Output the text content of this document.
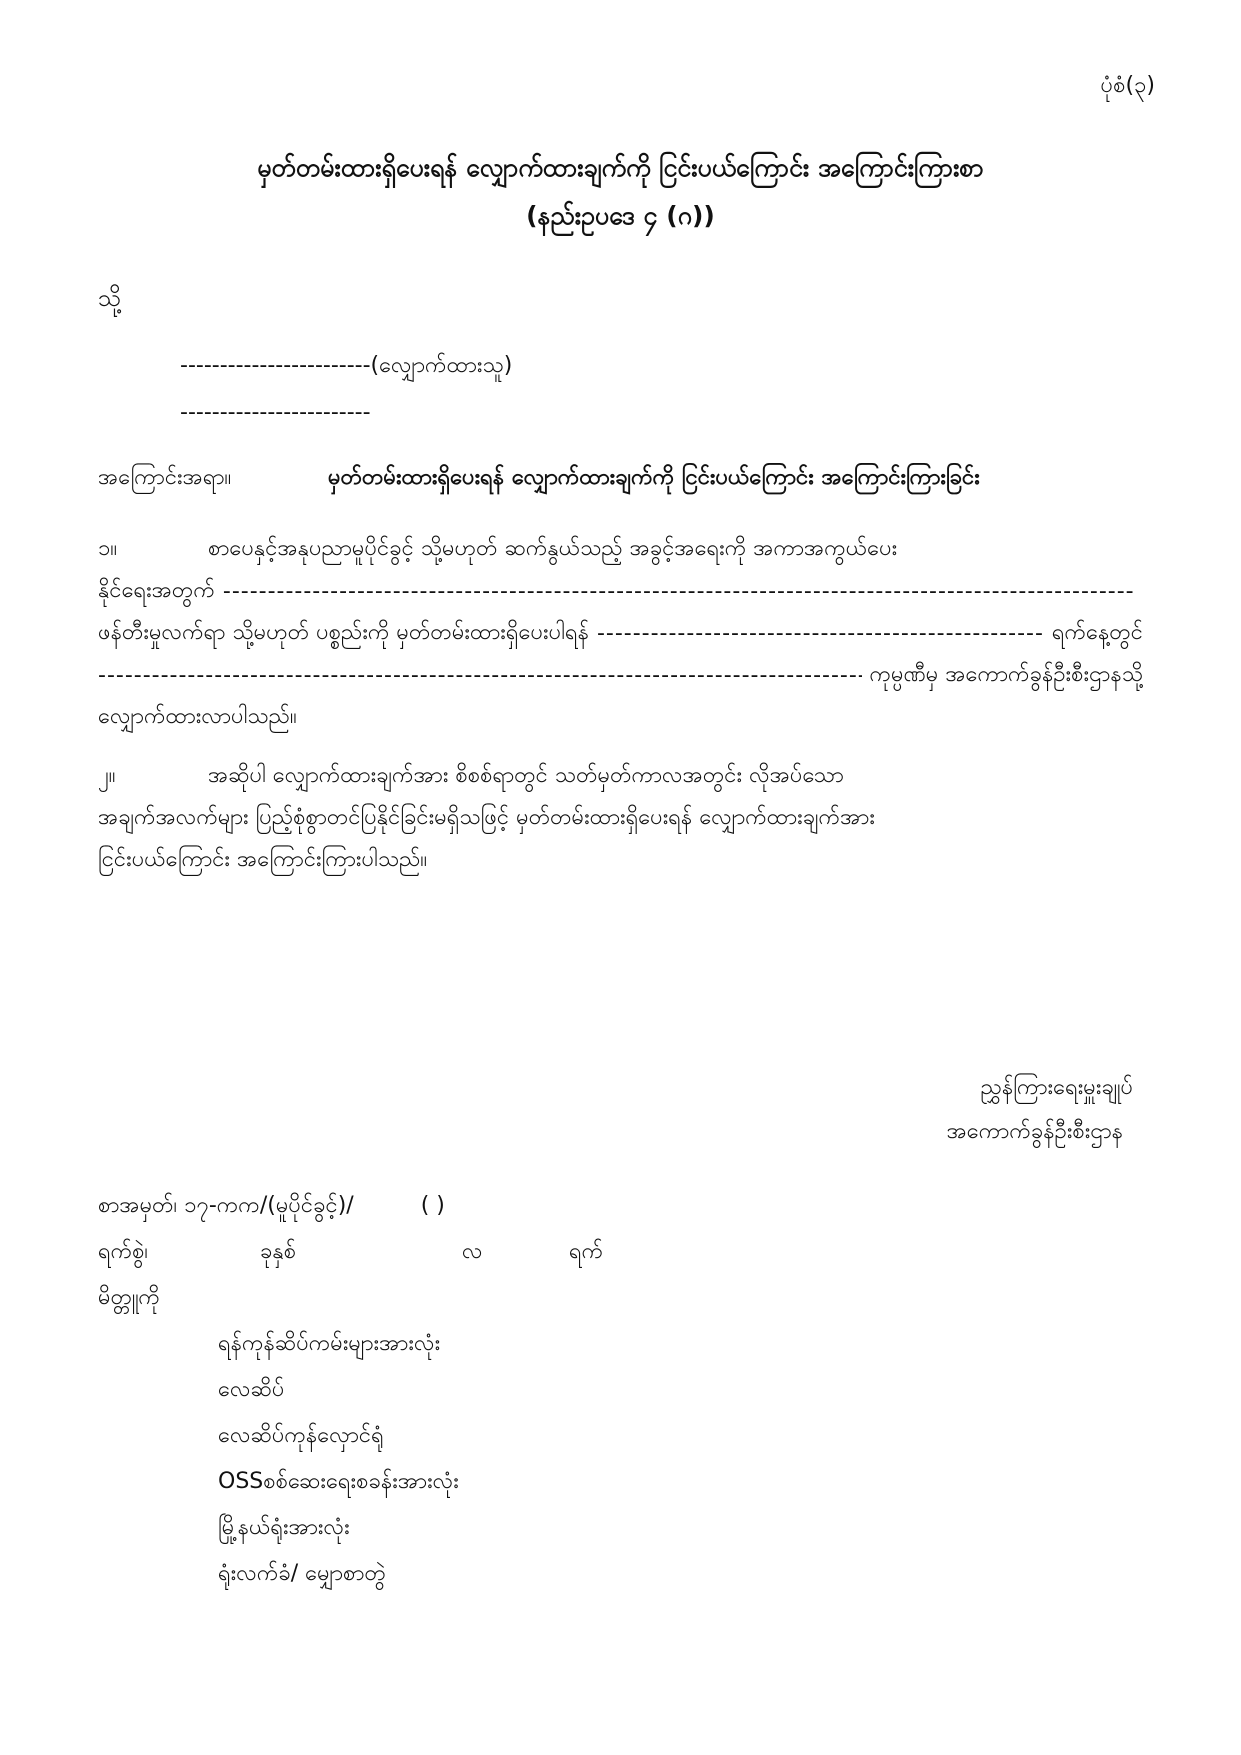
ပုံစံ(၃)
မှတ်တမ်းထားရှိပေးရန် လျှောက်ထားချက်ကို ငြင်းပယ်ကြောင်း အကြောင်းကြားစာ
(နည်းဥပဒေ ၄ (ဂ))
သို့
------------------------(လျှောက်ထားသူ)
------------------------
အကြောင်းအရာ။	မှတ်တမ်းထားရှိပေးရန် လျှောက်ထားချက်ကို ငြင်းပယ်ကြောင်း အကြောင်းကြားခြင်း
၁။	စာပေနှင့်အနုပညာမူပိုင်ခွင့် သို့မဟုတ် ဆက်နွယ်သည့် အခွင့်အရေးကို အကာအကွယ်ပေး
နိုင်ရေးအတွက်
-----
ဖန်တီးမှုလက်ရာ သို့မဟုတ် ပစ္စည်းကို မှတ်တမ်းထားရှိပေးပါရန်
-----	ရက်နေ့တွင်
-----
ကုမ္ပဏီမှ အကောက်ခွန်ဦးစီးဌာနသို့
လျှောက်ထားလာပါသည်။
၂။	အဆိုပါ လျှောက်ထားချက်အား စိစစ်ရာတွင် သတ်မှတ်ကာလအတွင်း လိုအပ်သော
အချက်အလက်များ ပြည့်စုံစွာတင်ပြနိုင်ခြင်းမရှိသဖြင့် မှတ်တမ်းထားရှိပေးရန် လျှောက်ထားချက်အား
ငြင်းပယ်ကြောင်း အကြောင်းကြားပါသည်။
ညွှန်ကြားရေးမှူးချုပ်
အကောက်ခွန်ဦးစီးဌာန
စာအမှတ်၊ ၁၇-ကက/(မူပိုင်ခွင့်)/	( )
ရက်စွဲ၊	ခုနှစ်	လ	ရက်
မိတ္တူကို
ရန်ကုန်ဆိပ်ကမ်းများအားလုံး
လေဆိပ်
လေဆိပ်ကုန်လှောင်ရုံ
OSSစစ်ဆေးရေးစခန်းအားလုံး
မြို့နယ်ရုံးအားလုံး
ရုံးလက်ခံ/ မျှောစာတွဲ
